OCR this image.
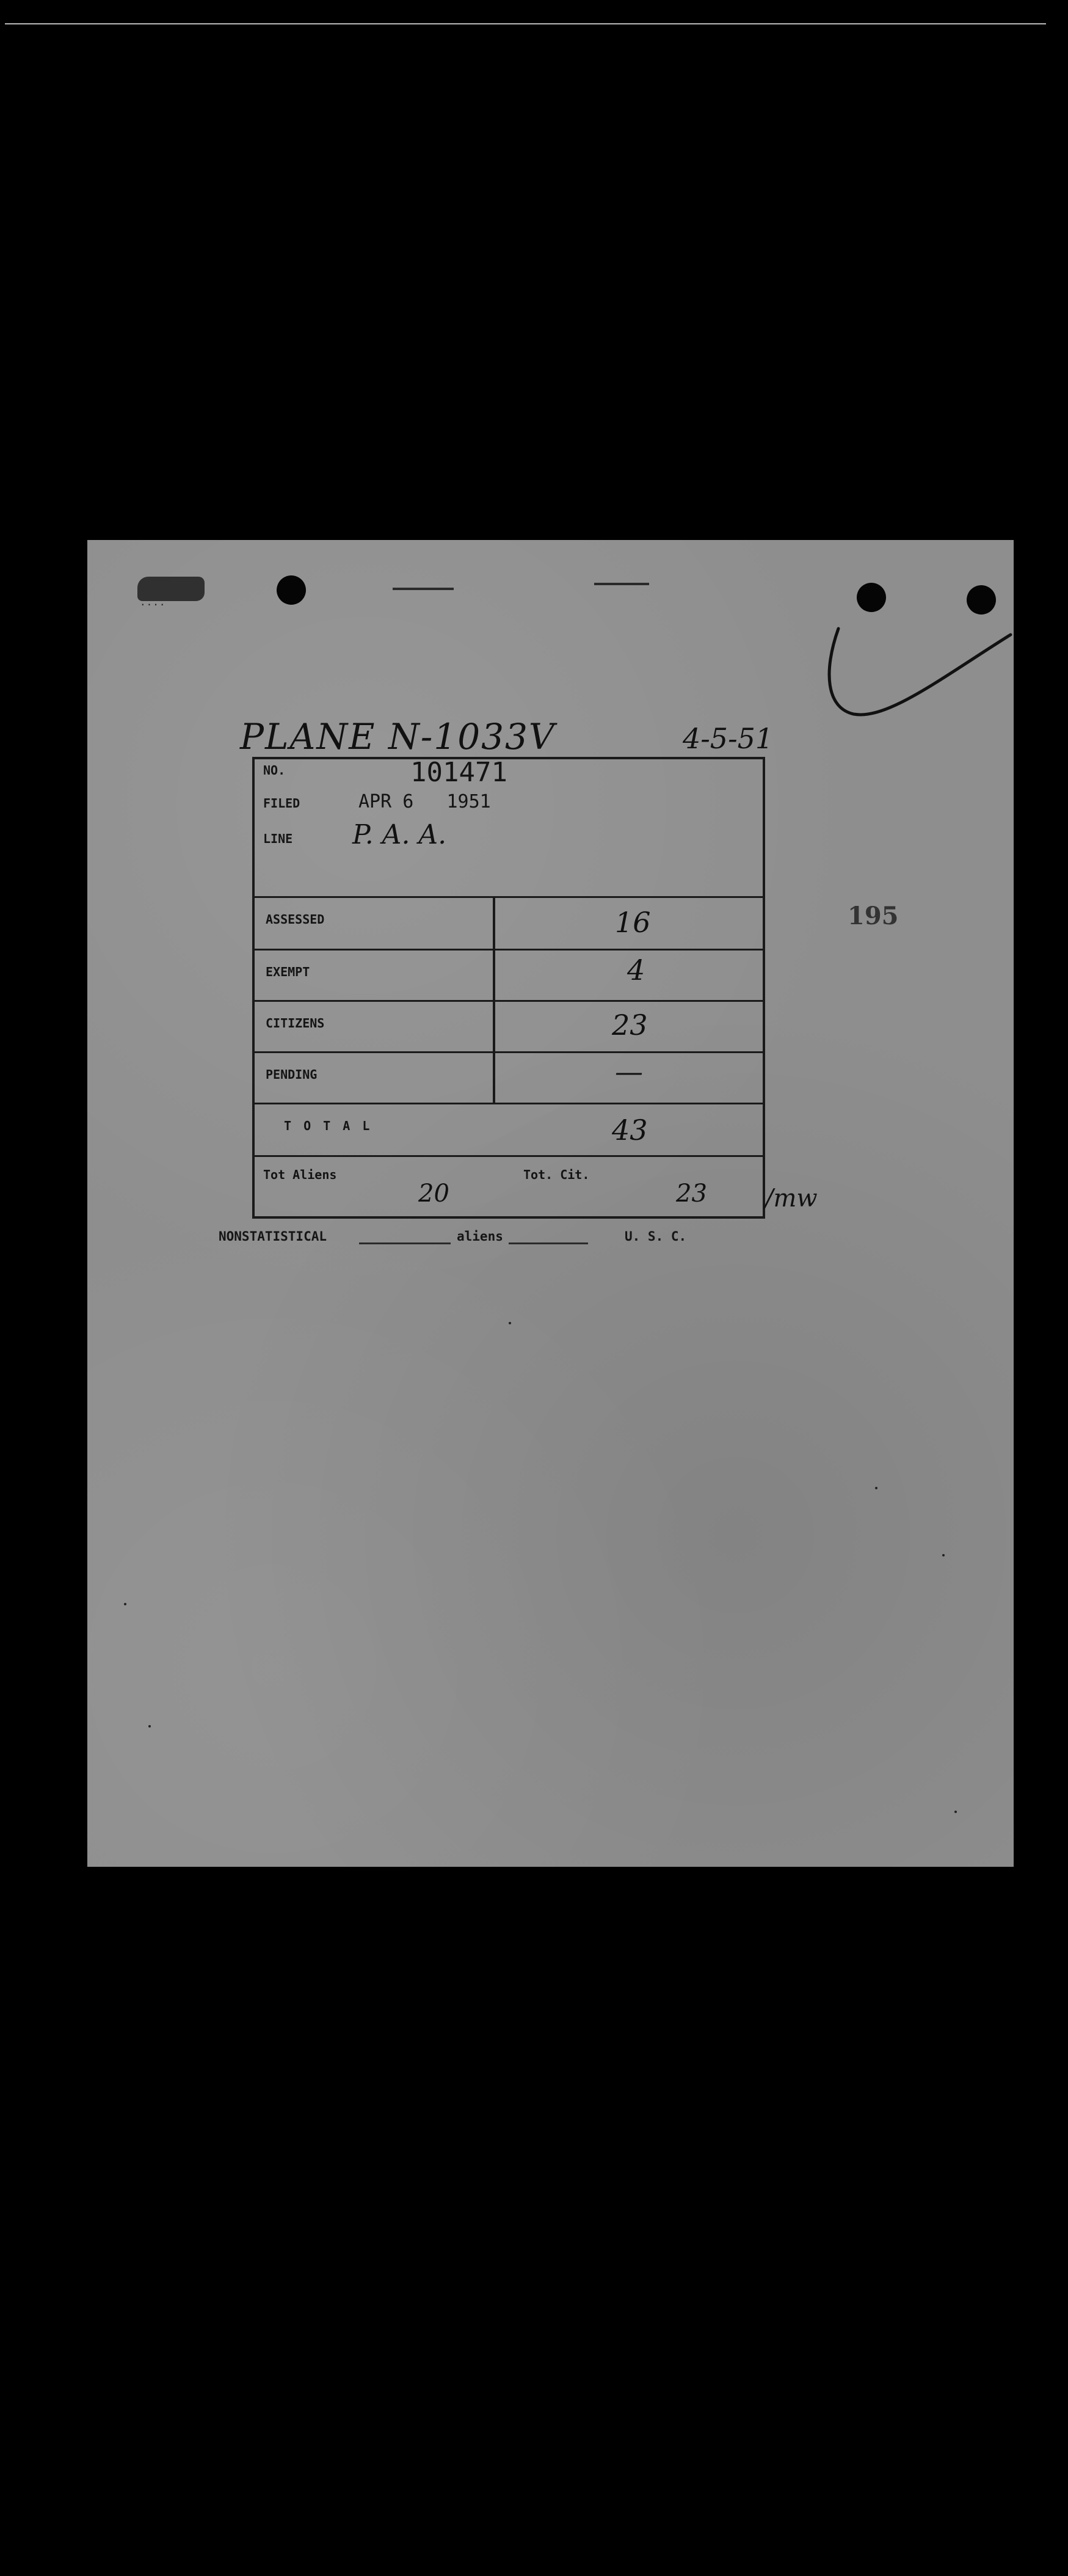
....
PLANE N-1033V	4-5-51
NO.	101471
FILED	APR 6   1951
LINE P. A. A.
ASSESSED	16
EXEMPT	4
CITIZENS	23
PENDING	—
T O T A L	43
Tot Aliens
20
Tot. Cit.
23 /mw
195
NONSTATISTICAL	aliens	U. S. C.
